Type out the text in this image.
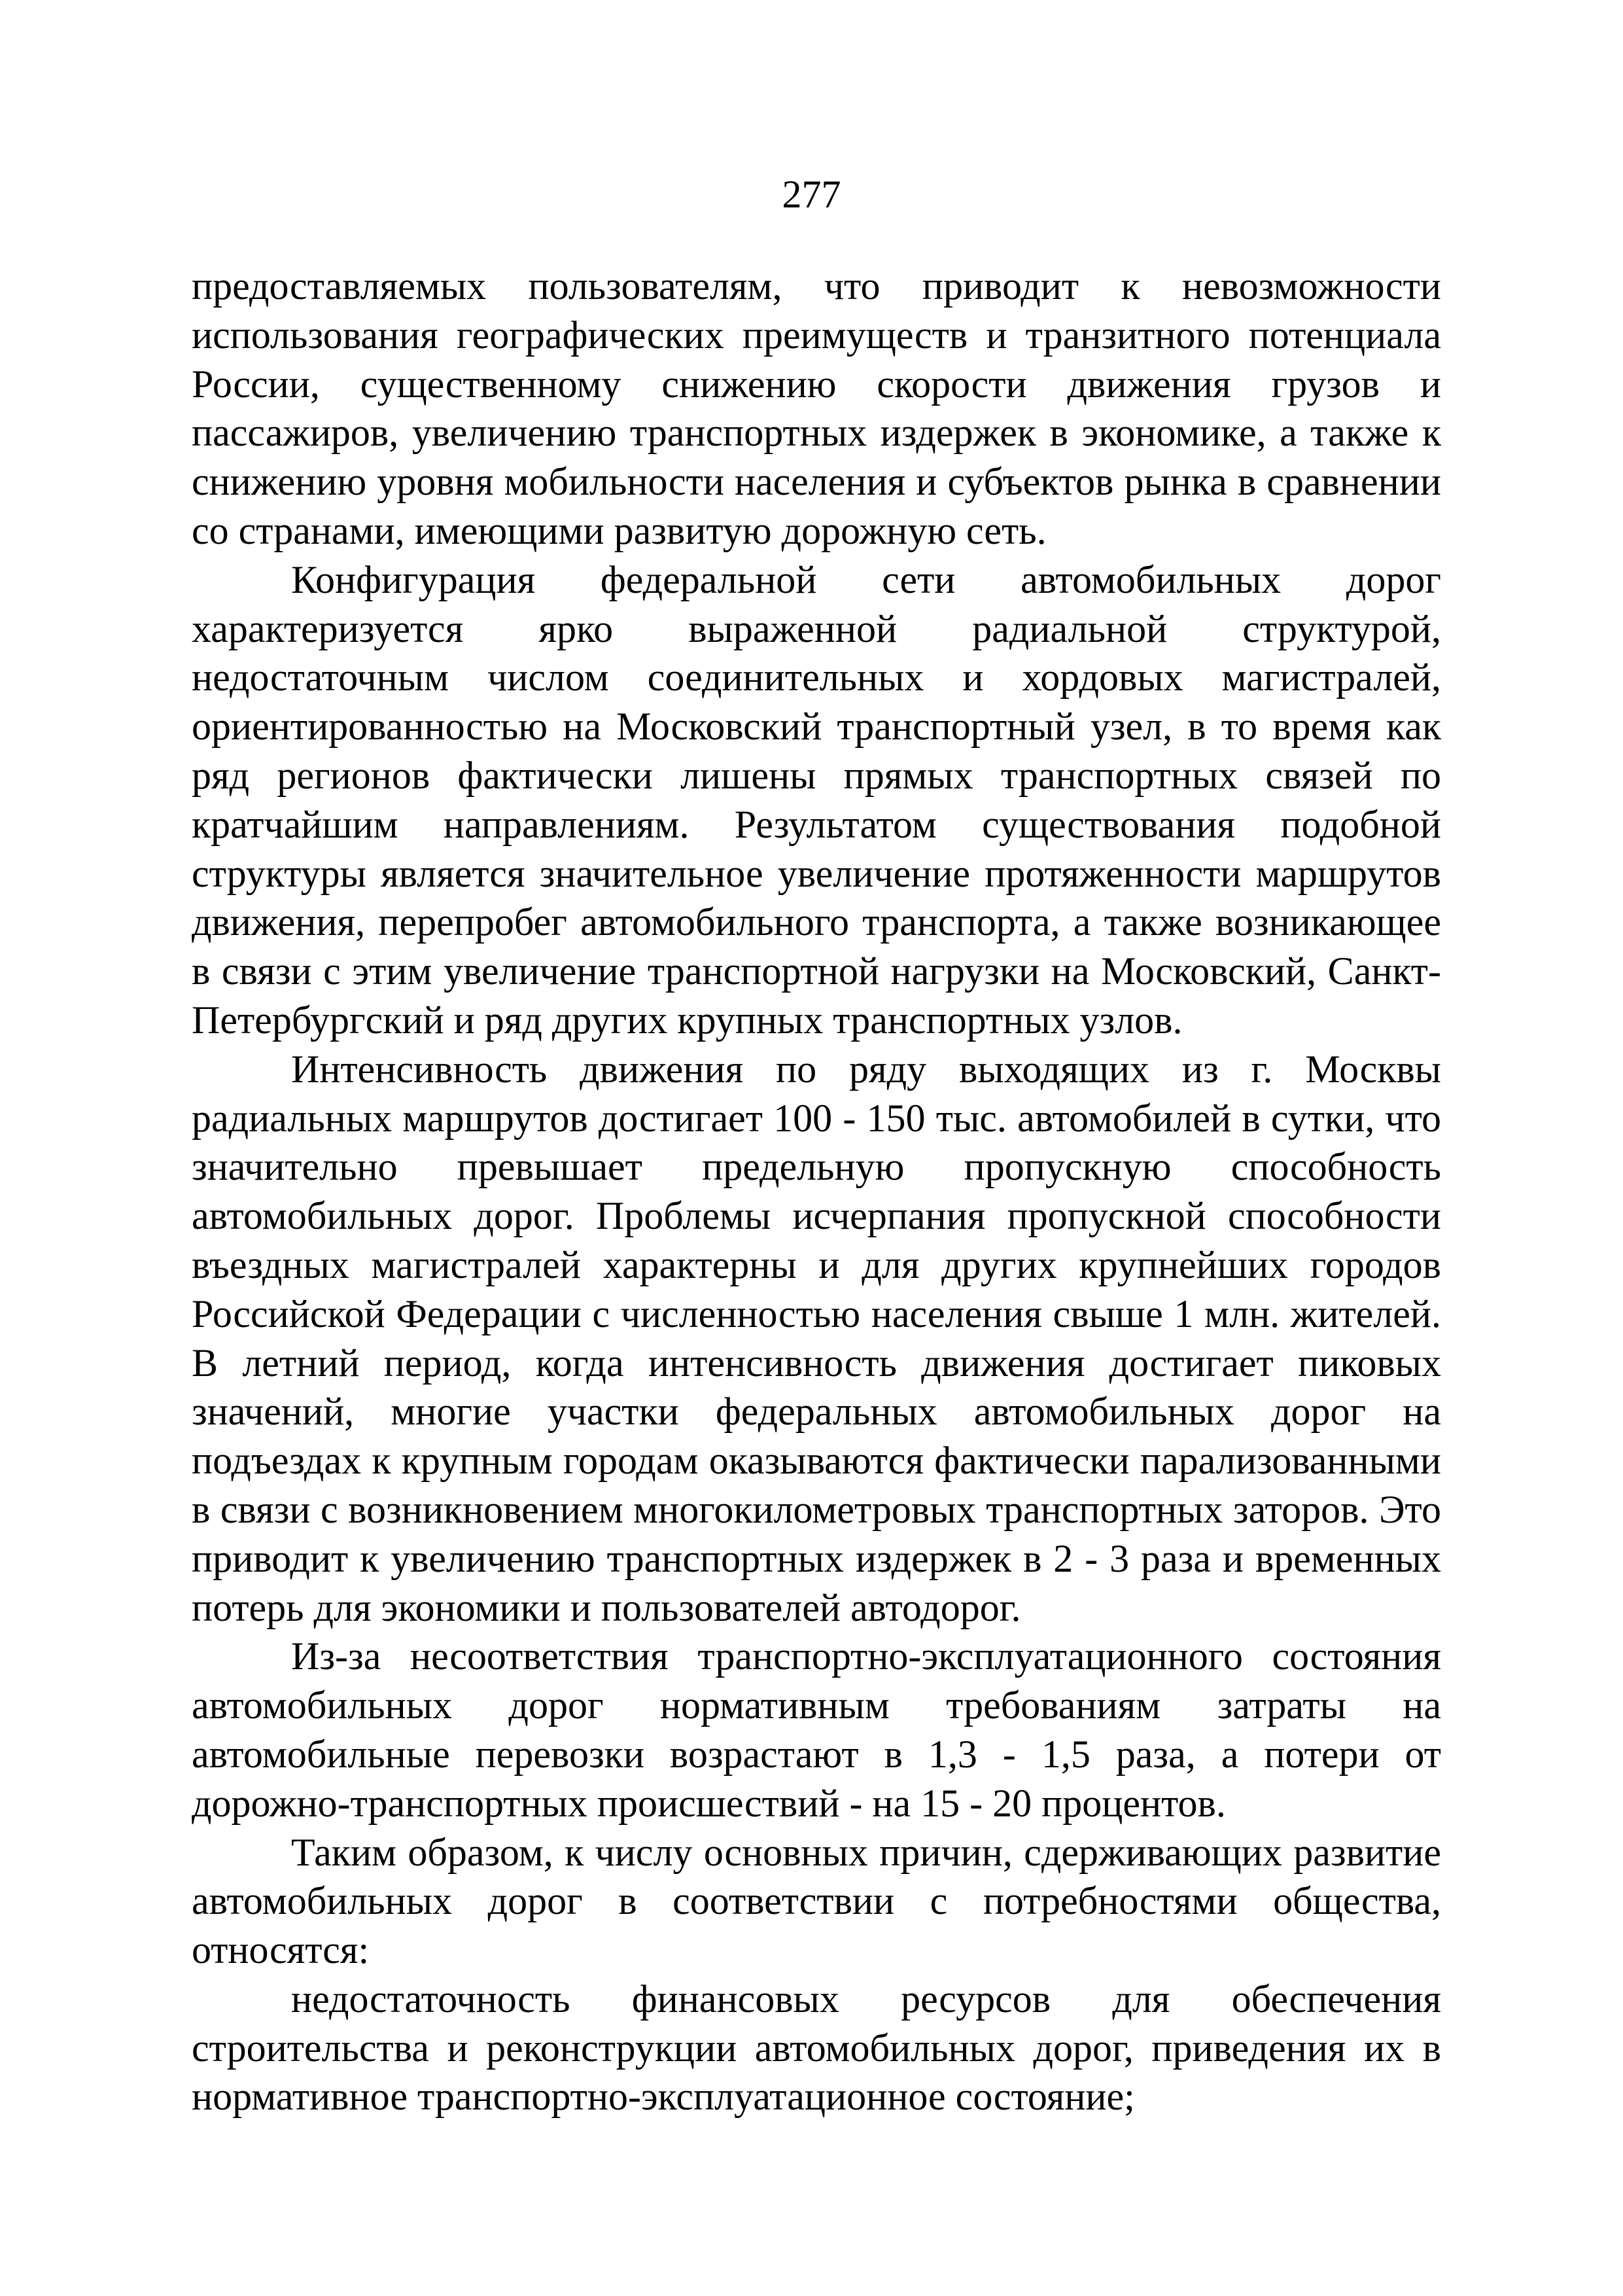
277

предоставляемых пользователям, что приводит к невозможности использования географических преимуществ и транзитного потенциала России, существенному снижению скорости движения грузов и пассажиров, увеличению транспортных издержек в экономике, а также к снижению уровня мобильности населения и субъектов рынка в сравнении со странами, имеющими развитую дорожную сеть.

Конфигурация федеральной сети автомобильных дорог характеризуется ярко выраженной радиальной структурой, недостаточным числом соединительных и хордовых магистралей, ориентированностью на Московский транспортный узел, в то время как ряд регионов фактически лишены прямых транспортных связей по кратчайшим направлениям. Результатом существования подобной структуры является значительное увеличение протяженности маршрутов движения, перепробег автомобильного транспорта, а также возникающее в связи с этим увеличение транспортной нагрузки на Московский, Санкт-Петербургский и ряд других крупных транспортных узлов.

Интенсивность движения по ряду выходящих из г. Москвы радиальных маршрутов достигает 100 - 150 тыс. автомобилей в сутки, что значительно превышает предельную пропускную способность автомобильных дорог. Проблемы исчерпания пропускной способности въездных магистралей характерны и для других крупнейших городов Российской Федерации с численностью населения свыше 1 млн. жителей. В летний период, когда интенсивность движения достигает пиковых значений, многие участки федеральных автомобильных дорог на подъездах к крупным городам оказываются фактически парализованными в связи с возникновением многокилометровых транспортных заторов. Это приводит к увеличению транспортных издержек в 2 - 3 раза и временных потерь для экономики и пользователей автодорог.

Из-за несоответствия транспортно-эксплуатационного состояния автомобильных дорог нормативным требованиям затраты на автомобильные перевозки возрастают в 1,3 - 1,5 раза, а потери от дорожно-транспортных происшествий - на 15 - 20 процентов.

Таким образом, к числу основных причин, сдерживающих развитие автомобильных дорог в соответствии с потребностями общества, относятся:

недостаточность финансовых ресурсов для обеспечения строительства и реконструкции автомобильных дорог, приведения их в нормативное транспортно-эксплуатационное состояние;
